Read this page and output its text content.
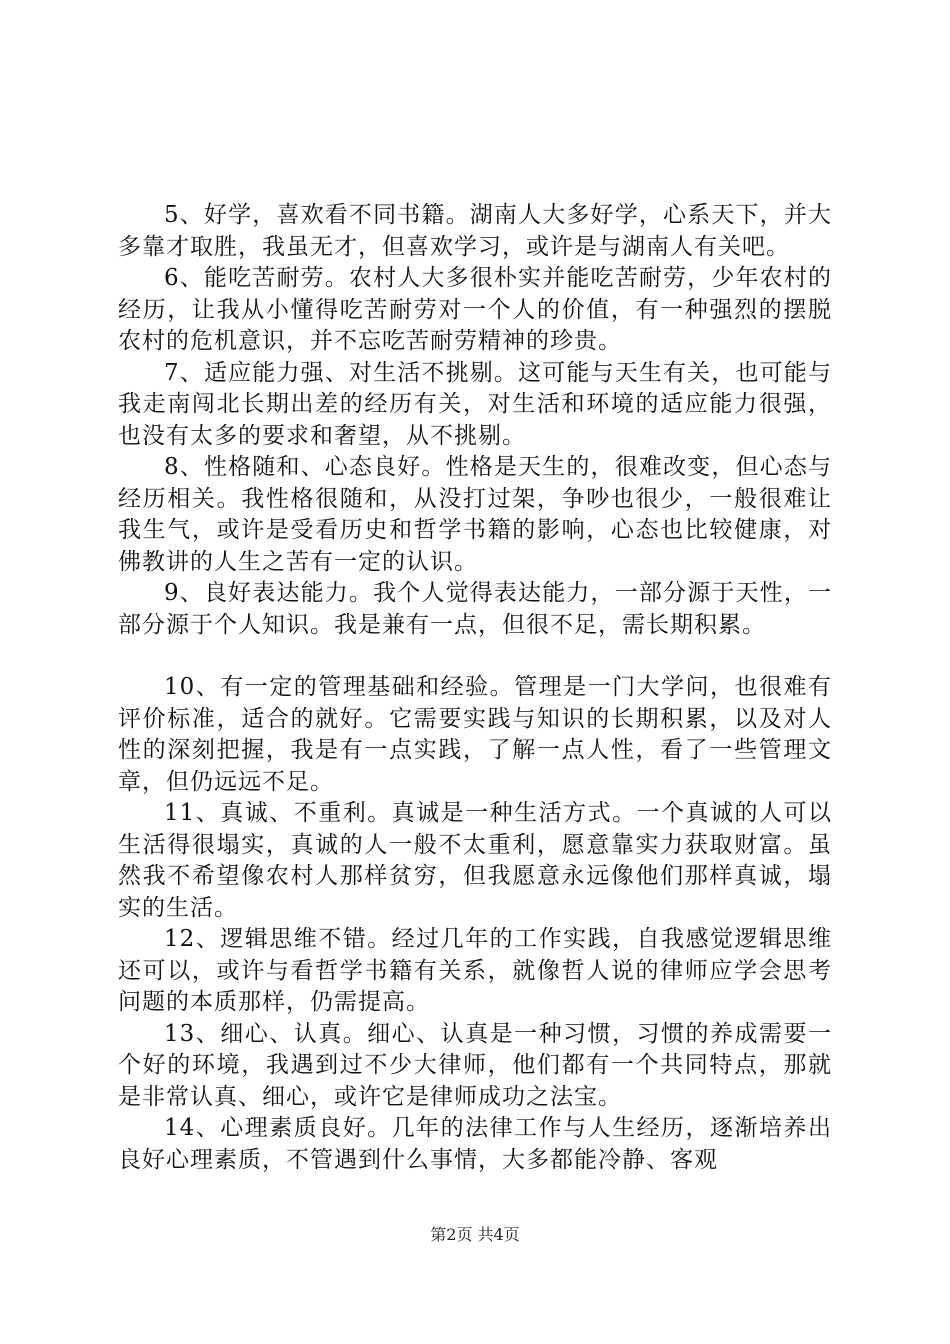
5、好学，喜欢看不同书籍。湖南人大多好学，心系天下，并大多靠才取胜，我虽无才，但喜欢学习，或许是与湖南人有关吧。

6、能吃苦耐劳。农村人大多很朴实并能吃苦耐劳，少年农村的经历，让我从小懂得吃苦耐劳对一个人的价值，有一种强烈的摆脱农村的危机意识，并不忘吃苦耐劳精神的珍贵。

7、适应能力强、对生活不挑剔。这可能与天生有关，也可能与我走南闯北长期出差的经历有关，对生活和环境的适应能力很强，也没有太多的要求和奢望，从不挑剔。

8、性格随和、心态良好。性格是天生的，很难改变，但心态与经历相关。我性格很随和，从没打过架，争吵也很少，一般很难让我生气，或许是受看历史和哲学书籍的影响，心态也比较健康，对佛教讲的人生之苦有一定的认识。

9、良好表达能力。我个人觉得表达能力，一部分源于天性，一部分源于个人知识。我是兼有一点，但很不足，需长期积累。

10、有一定的管理基础和经验。管理是一门大学问，也很难有评价标准，适合的就好。它需要实践与知识的长期积累，以及对人性的深刻把握，我是有一点实践，了解一点人性，看了一些管理文章，但仍远远不足。

11、真诚、不重利。真诚是一种生活方式。一个真诚的人可以生活得很塌实，真诚的人一般不太重利，愿意靠实力获取财富。虽然我不希望像农村人那样贫穷，但我愿意永远像他们那样真诚，塌实的生活。

12、逻辑思维不错。经过几年的工作实践，自我感觉逻辑思维还可以，或许与看哲学书籍有关系，就像哲人说的律师应学会思考问题的本质那样，仍需提高。

13、细心、认真。细心、认真是一种习惯，习惯的养成需要一个好的环境，我遇到过不少大律师，他们都有一个共同特点，那就是非常认真、细心，或许它是律师成功之法宝。

14、心理素质良好。几年的法律工作与人生经历，逐渐培养出良好心理素质，不管遇到什么事情，大多都能冷静、客观

第2页 共4页
